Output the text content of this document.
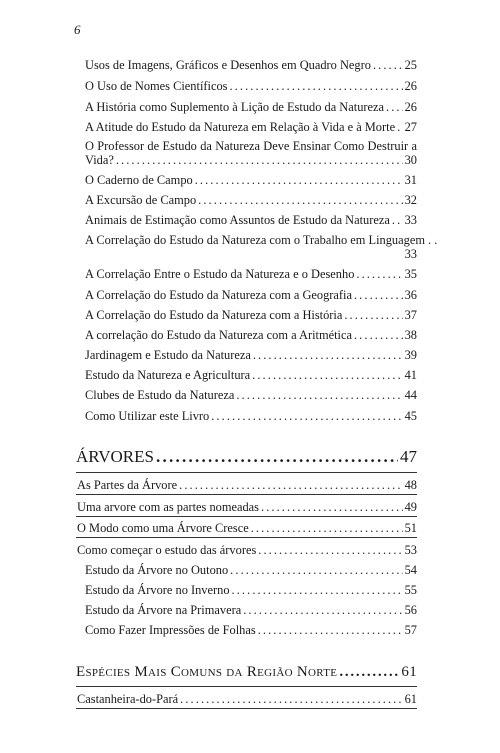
6
Usos de Imagens, Gráficos e Desenhos em Quadro Negro . . .	25
O Uso de Nomes Científicos . . .	26
A História como Suplemento à Lição de Estudo da Natureza . . . 26
A Atitude do Estudo da Natureza em Relação à Vida e à Morte . . . 27
O Professor de Estudo da Natureza Deve Ensinar Como Destruir a
Vida? . . .	30
O Caderno de Campo . . .	31
A Excursão de Campo . . .	32
Animais de Estimação como Assuntos de Estudo da Natureza . . . 33
A Correlação do Estudo da Natureza com o Trabalho em Linguagem . .
33
A Correlação Entre o Estudo da Natureza e o Desenho . . .	35
A Correlação do Estudo da Natureza com a Geografia . . .	36
A Correlação do Estudo da Natureza com a História . . .	37
A correlação do Estudo da Natureza com a Aritmética . . .	38
Jardinagem e Estudo da Natureza . . .	39
Estudo da Natureza e Agricultura . . .	41
Clubes de Estudo da Natureza . . .	44
Como Utilizar este Livro . . .	45
ÁRVORES . . .	47
As Partes da Árvore . . .	48
Uma arvore com as partes nomeadas . . .	49
O Modo como uma Árvore Cresce . . .	51
Como começar o estudo das árvores . . .	53
Estudo da Árvore no Outono . . .	54
Estudo da Árvore no Inverno . . .	55
Estudo da Árvore na Primavera . . .	56
Como Fazer Impressões de Folhas . . .	57
Espécies Mais Comuns da Região Norte . . .	61
Castanheira-do-Pará . . .	61
